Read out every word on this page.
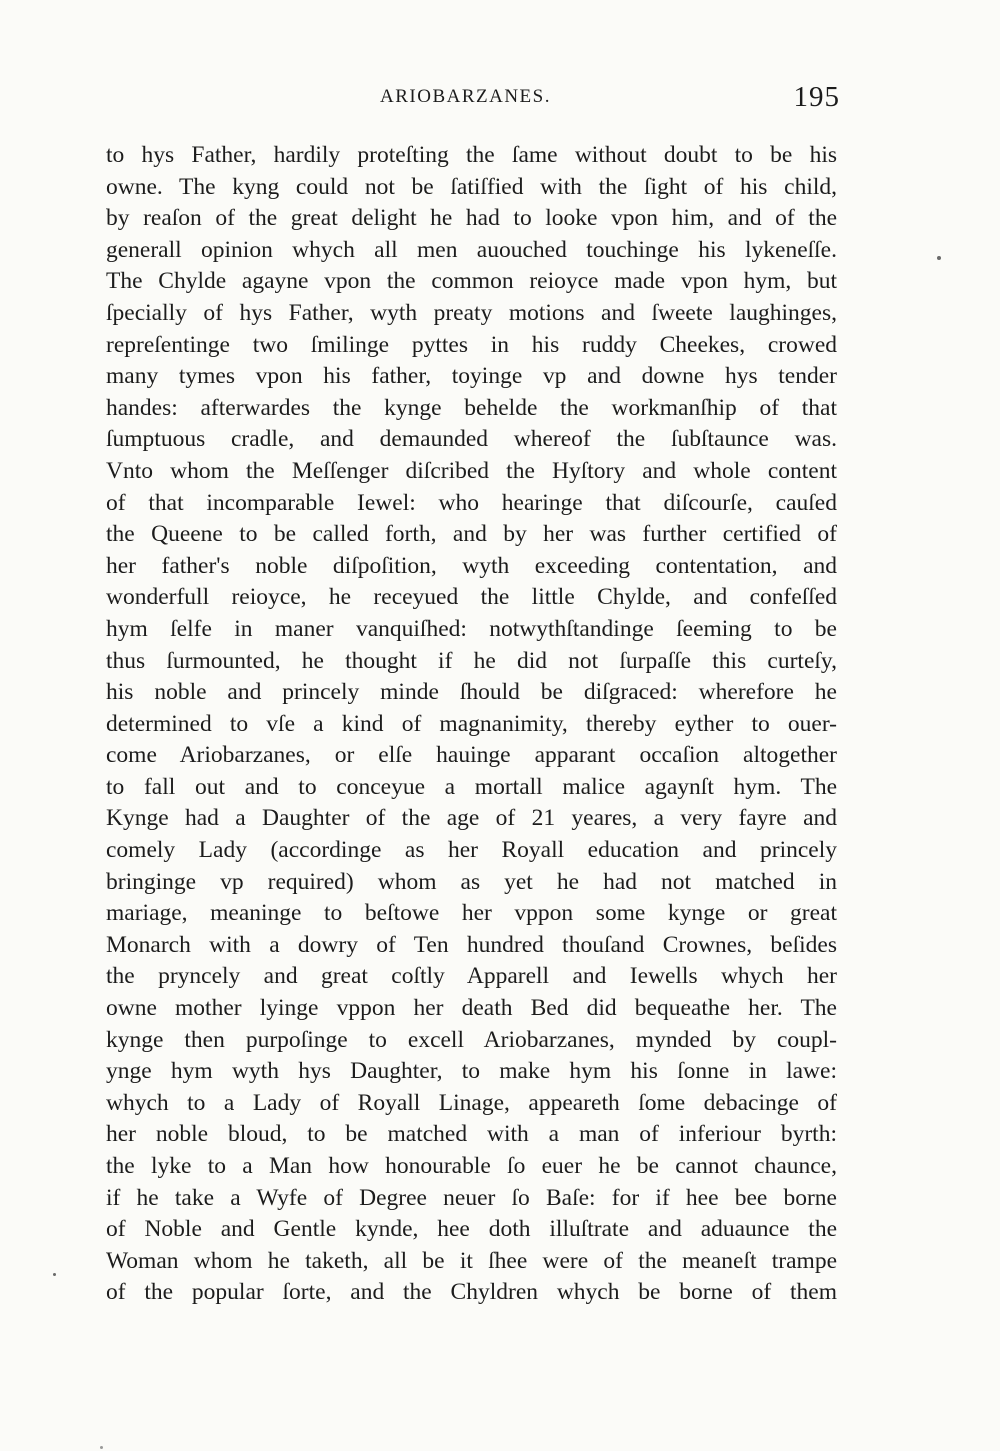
ARIOBARZANES.	195
to hys Father, hardily proteſting the ſame without doubt to be his
owne. The kyng could not be ſatiſfied with the ſight of his child,
by reaſon of the great delight he had to looke vpon him, and of the
generall opinion whych all men auouched touchinge his lykeneſſe.
The Chylde agayne vpon the common reioyce made vpon hym, but
ſpecially of hys Father, wyth preaty motions and ſweete laughinges,
repreſentinge two ſmilinge pyttes in his ruddy Cheekes, crowed
many tymes vpon his father, toyinge vp and downe hys tender
handes: afterwardes the kynge behelde the workmanſhip of that
ſumptuous cradle, and demaunded whereof the ſubſtaunce was.
Vnto whom the Meſſenger diſcribed the Hyſtory and whole content
of that incomparable Iewel: who hearinge that diſcourſe, cauſed
the Queene to be called forth, and by her was further certified of
her father's noble diſpoſition, wyth exceeding contentation, and
wonderfull reioyce, he receyued the little Chylde, and confeſſed
hym ſelfe in maner vanquiſhed: notwythſtandinge ſeeming to be
thus ſurmounted, he thought if he did not ſurpaſſe this curteſy,
his noble and princely minde ſhould be diſgraced: wherefore he
determined to vſe a kind of magnanimity, thereby eyther to ouer-
come Ariobarzanes, or elſe hauinge apparant occaſion altogether
to fall out and to conceyue a mortall malice agaynſt hym. The
Kynge had a Daughter of the age of 21 yeares, a very fayre and
comely Lady (accordinge as her Royall education and princely
bringinge vp required) whom as yet he had not matched in
mariage, meaninge to beſtowe her vppon some kynge or great
Monarch with a dowry of Ten hundred thouſand Crownes, beſides
the pryncely and great coſtly Apparell and Iewells whych her
owne mother lyinge vppon her death Bed did bequeathe her. The
kynge then purpoſinge to excell Ariobarzanes, mynded by coupl-
ynge hym wyth hys Daughter, to make hym his ſonne in lawe:
whych to a Lady of Royall Linage, appeareth ſome debacinge of
her noble bloud, to be matched with a man of inferiour byrth:
the lyke to a Man how honourable ſo euer he be cannot chaunce,
if he take a Wyfe of Degree neuer ſo Baſe: for if hee bee borne
of Noble and Gentle kynde, hee doth illuſtrate and aduaunce the
Woman whom he taketh, all be it ſhee were of the meaneſt trampe
of the popular ſorte, and the Chyldren whych be borne of them
